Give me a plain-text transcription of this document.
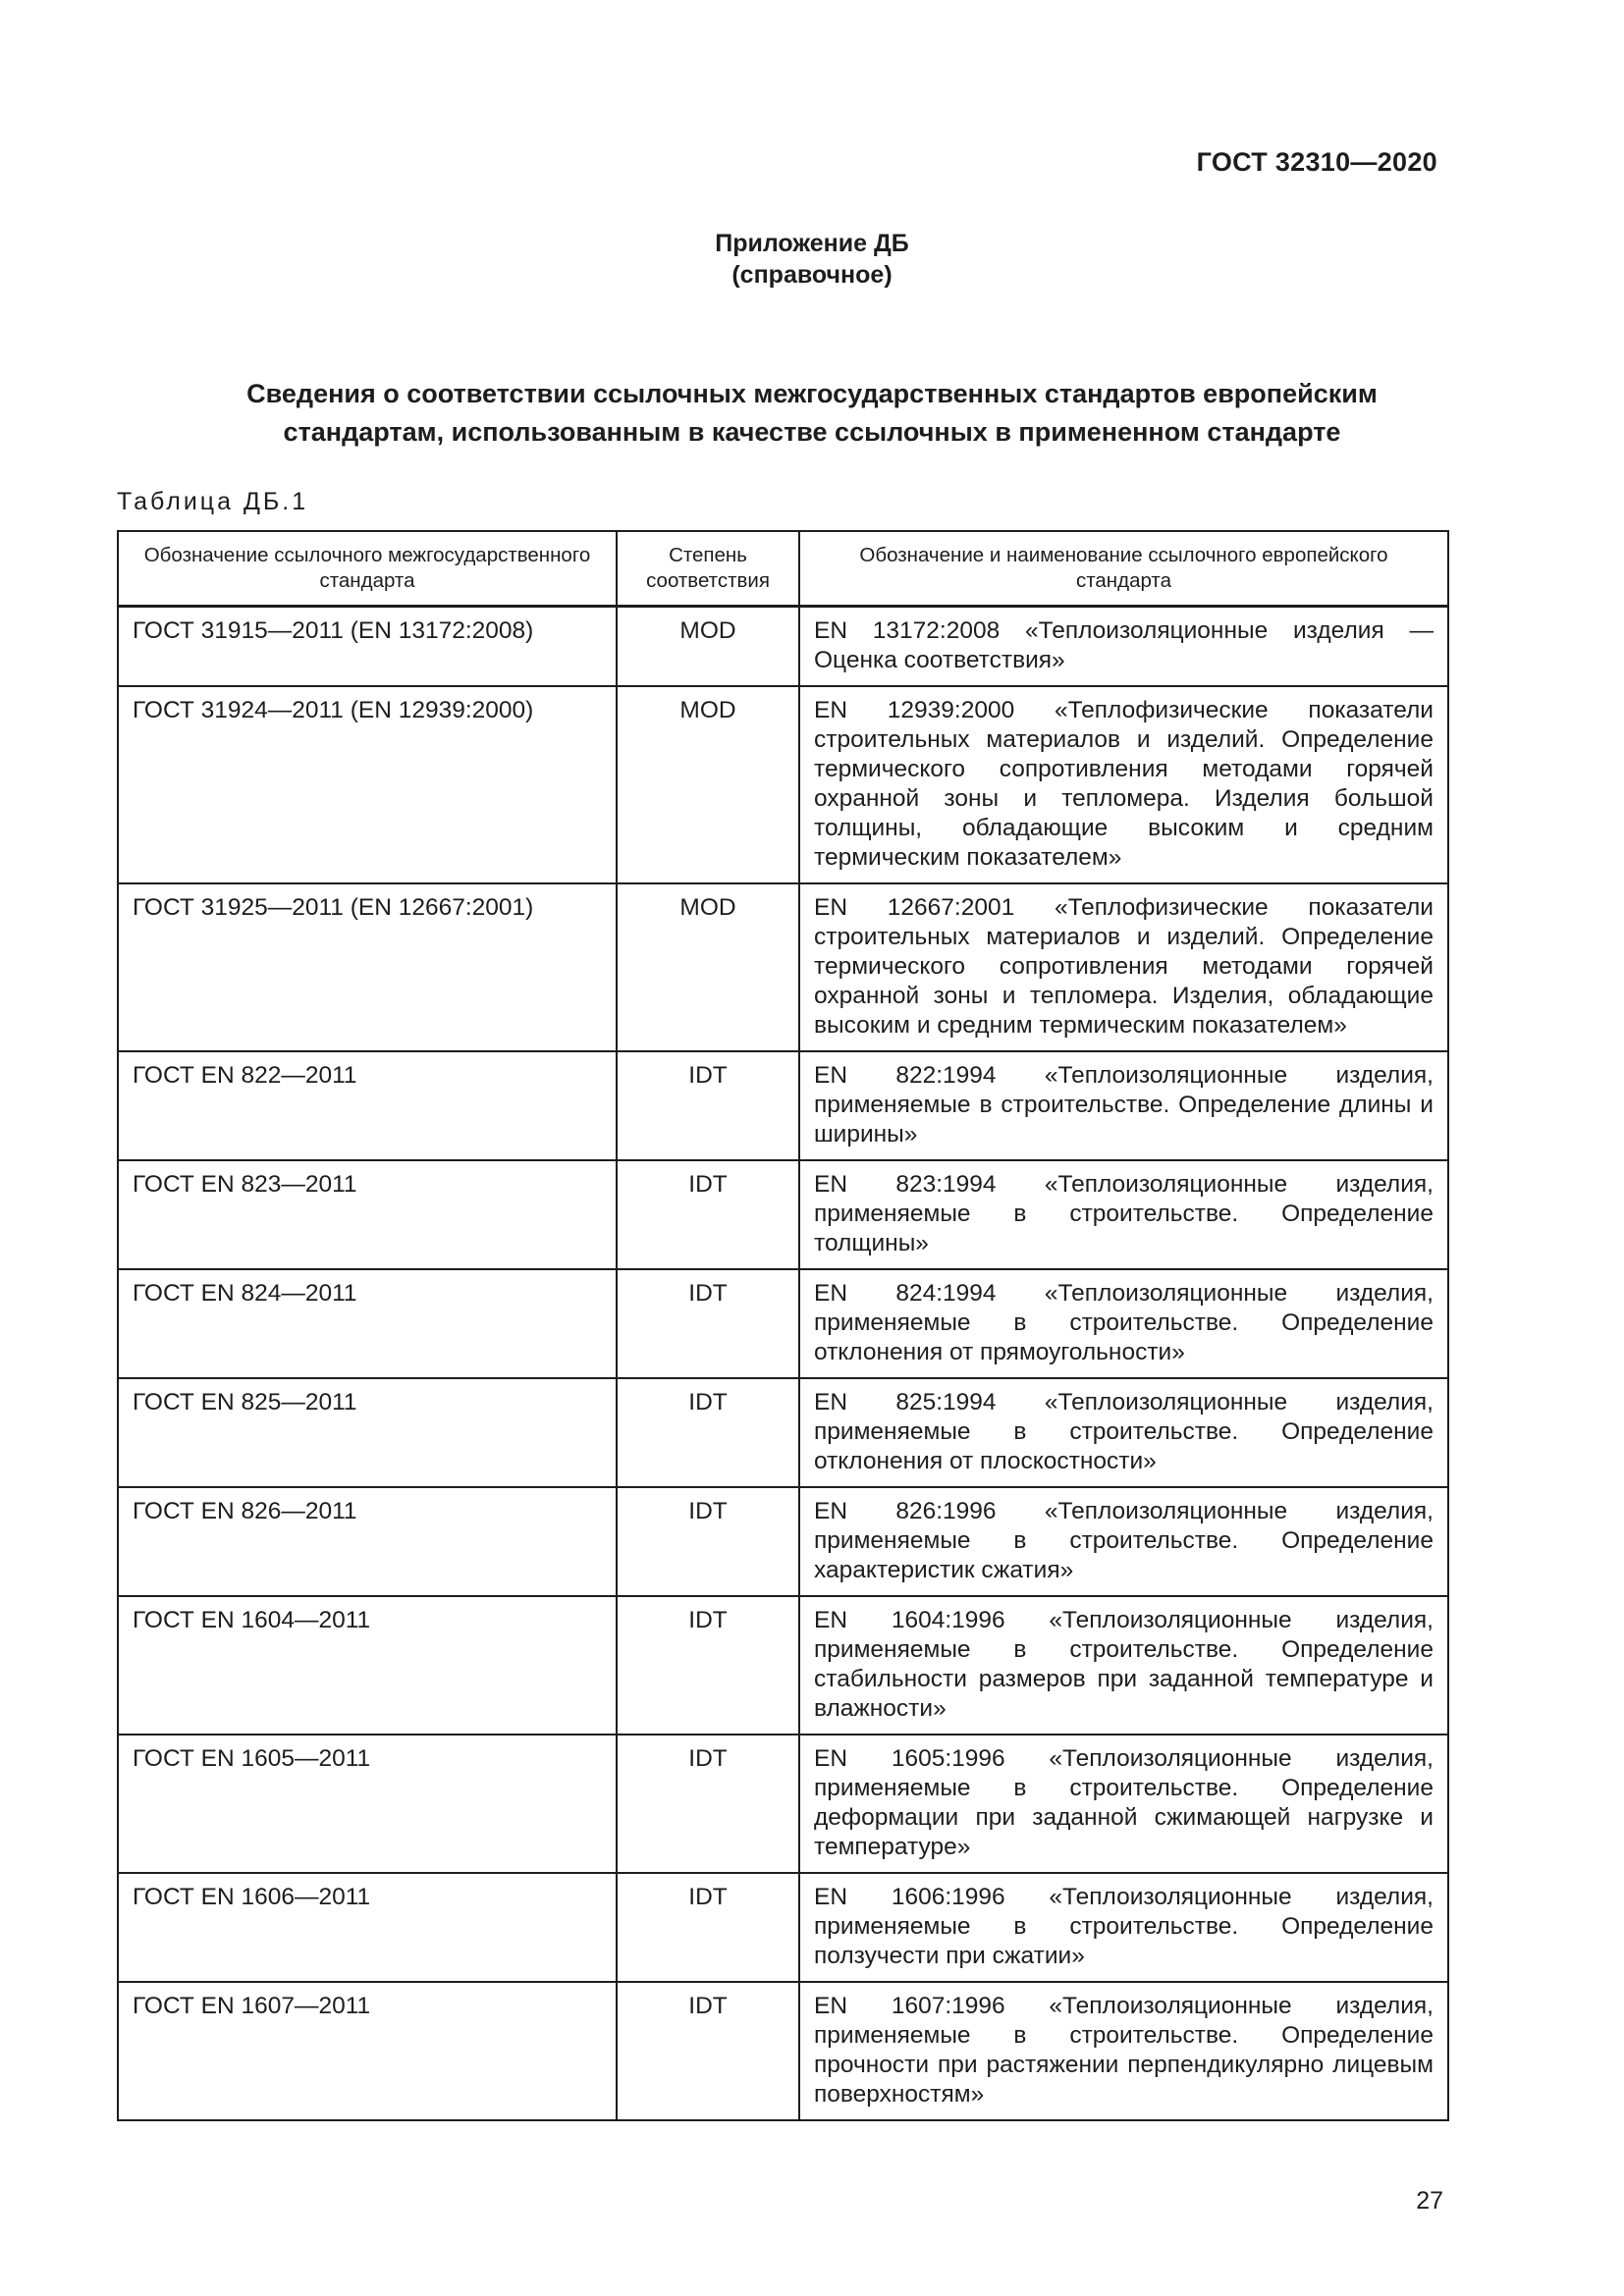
ГОСТ 32310—2020
Приложение ДБ
(справочное)
Сведения о соответствии ссылочных межгосударственных стандартов европейским
стандартам, использованным в качестве ссылочных в примененном стандарте
Таблица ДБ.1
Обозначение ссылочного межгосударственного стандарта	Степень соответствия	Обозначение и наименование ссылочного европейского стандарта
ГОСТ 31915—2011 (EN 13172:2008)	MOD	EN 13172:2008 «Теплоизоляционные изделия — Оценка соответствия»
ГОСТ 31924—2011 (EN 12939:2000)	MOD	EN 12939:2000 «Теплофизические показатели строительных материалов и изделий. Определение термического сопротивления методами горячей охранной зоны и тепломера. Изделия большой толщины, обладающие высоким и средним термическим показателем»
ГОСТ 31925—2011 (EN 12667:2001)	MOD	EN 12667:2001 «Теплофизические показатели строительных материалов и изделий. Определение термического сопротивления методами горячей охранной зоны и тепломера. Изделия, обладающие высоким и средним термическим показателем»
ГОСТ EN 822—2011	IDT	EN 822:1994 «Теплоизоляционные изделия, применяемые в строительстве. Определение длины и ширины»
ГОСТ EN 823—2011	IDT	EN 823:1994 «Теплоизоляционные изделия, применяемые в строительстве. Определение толщины»
ГОСТ EN 824—2011	IDT	EN 824:1994 «Теплоизоляционные изделия, применяемые в строительстве. Определение отклонения от прямоугольности»
ГОСТ EN 825—2011	IDT	EN 825:1994 «Теплоизоляционные изделия, применяемые в строительстве. Определение отклонения от плоскостности»
ГОСТ EN 826—2011	IDT	EN 826:1996 «Теплоизоляционные изделия, применяемые в строительстве. Определение характеристик сжатия»
ГОСТ EN 1604—2011	IDT	EN 1604:1996 «Теплоизоляционные изделия, применяемые в строительстве. Определение стабильности размеров при заданной температуре и влажности»
ГОСТ EN 1605—2011	IDT	EN 1605:1996 «Теплоизоляционные изделия, применяемые в строительстве. Определение деформации при заданной сжимающей нагрузке и температуре»
ГОСТ EN 1606—2011	IDT	EN 1606:1996 «Теплоизоляционные изделия, применяемые в строительстве. Определение ползучести при сжатии»
ГОСТ EN 1607—2011	IDT	EN 1607:1996 «Теплоизоляционные изделия, применяемые в строительстве. Определение прочности при растяжении перпендикулярно лицевым поверхностям»
27
